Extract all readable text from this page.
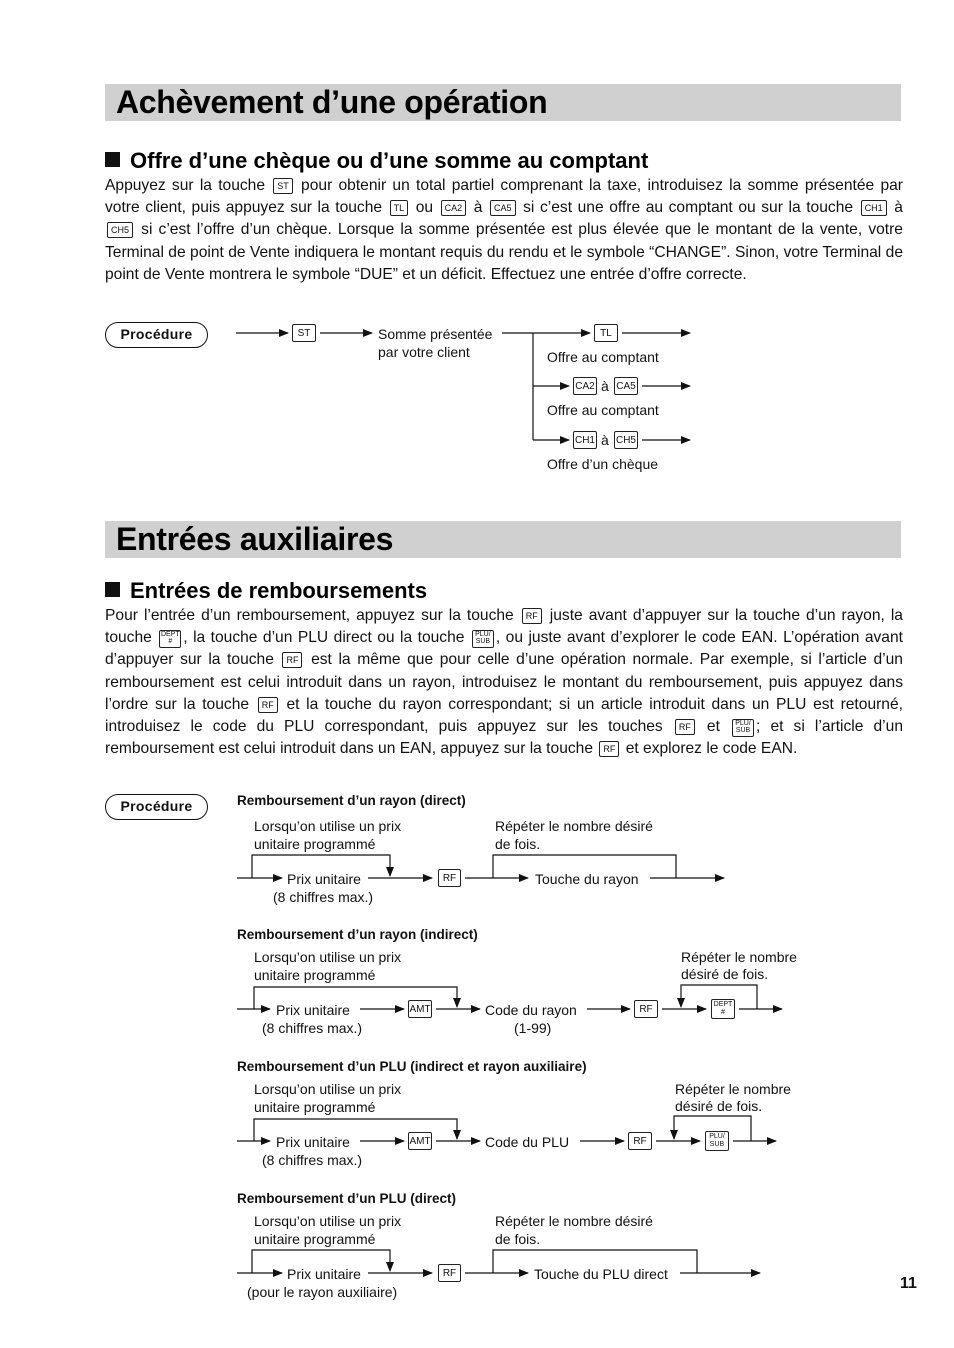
Achèvement d’une opération
Offre d’une chèque ou d’une somme au comptant

Appuyez sur la touche ST pour obtenir un total partiel comprenant la taxe, introduisez la somme présentée par votre client, puis appuyez sur la touche TL ou CA2 à CA5 si c’est une offre au comptant ou sur la touche CH1 à CH5 si c’est l’offre d’un chèque. Lorsque la somme présentée est plus élevée que le montant de la vente, votre Terminal de point de Vente indiquera le montant requis du rendu et le symbole “CHANGE”. Sinon, votre Terminal de point de Vente montrera le symbole “DUE” et un déficit. Effectuez une entrée d’offre correcte.

Procédure	ST	Somme présentée
par votre client
TL
Offre au comptant
CA2 à CA5
Offre au comptant
CH1 à CH5
Offre d’un chèque
Entrées auxiliaires
Entrées de remboursements

Pour l’entrée d’un remboursement, appuyez sur la touche RF juste avant d’appuyer sur la touche d’un rayon, la touche DEPT
# , la touche d’un PLU direct ou la touche	PLU/
SUB , ou juste avant d’explorer le code EAN. L’opération avant d’appuyer sur la touche RF est la même que pour celle d’une opération normale. Par exemple, si l’article d’un remboursement est celui introduit dans un rayon, introduisez le montant du remboursement, puis appuyez dans l’ordre sur la touche RF et la touche du rayon correspondant; si un article introduit dans un PLU est retourné, introduisez le code du PLU correspondant, puis appuyez sur les touches RF et	PLU/
SUB ; et si l’article d’un remboursement est celui introduit dans un EAN, appuyez sur la touche RF et explorez le code EAN.

Procédure	Remboursement d’un rayon (direct)
Lorsqu’on utilise un prix
unitaire programmé
Répéter le nombre désiré
de fois.
Prix unitaire
(8 chiffres max.)
RF	Touche du rayon
Remboursement d’un rayon (indirect)
Lorsqu’on utilise un prix
unitaire programmé
Répéter le nombre
désiré de fois.
Prix unitaire
(8 chiffres max.)
AMT	Code du rayon
(1-99)
RF	DEPT
#
Remboursement d’un PLU (indirect et rayon auxiliaire)
Lorsqu’on utilise un prix
unitaire programmé
Répéter le nombre
désiré de fois.
Prix unitaire
(8 chiffres max.)
AMT	Code du PLU	RF	PLU/
SUB
Remboursement d’un PLU (direct)
Lorsqu’on utilise un prix
unitaire programmé
Répéter le nombre désiré
de fois.
Prix unitaire
(pour le rayon auxiliaire)
RF	Touche du PLU direct
11
